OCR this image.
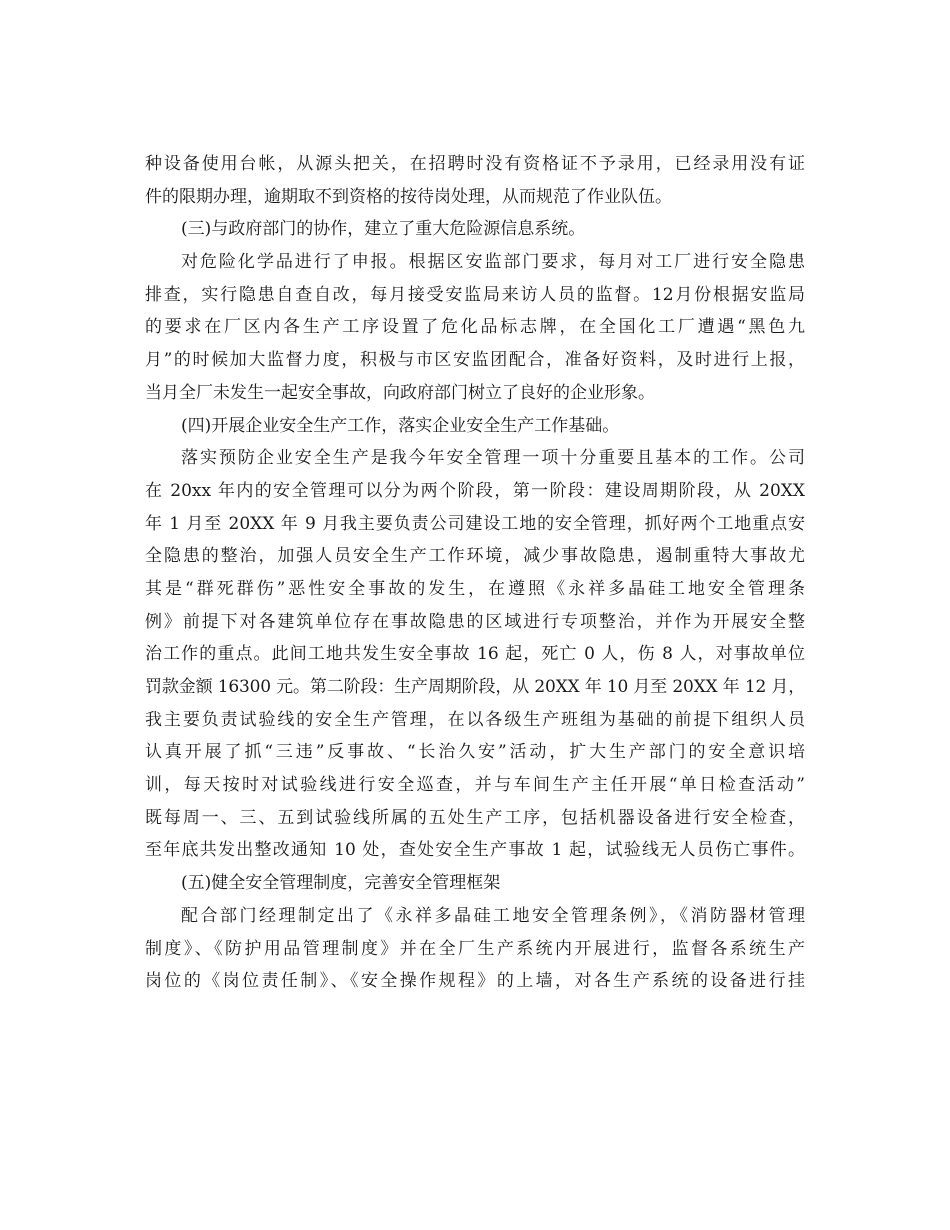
种设备使用台帐，从源头把关，在招聘时没有资格证不予录用，已经录用没有证
件的限期办理，逾期取不到资格的按待岗处理，从而规范了作业队伍。
(三)与政府部门的协作，建立了重大危险源信息系统。
对危险化学品进行了申报。根据区安监部门要求，每月对工厂进行安全隐患
排查，实行隐患自查自改，每月接受安监局来访人员的监督。12月份根据安监局
的要求在厂区内各生产工序设置了危化品标志牌，在全国化工厂遭遇“黑色九
月”的时候加大监督力度，积极与市区安监团配合，准备好资料，及时进行上报，
当月全厂未发生一起安全事故，向政府部门树立了良好的企业形象。
(四)开展企业安全生产工作，落实企业安全生产工作基础。
落实预防企业安全生产是我今年安全管理一项十分重要且基本的工作。公司
在 20xx 年内的安全管理可以分为两个阶段，第一阶段：建设周期阶段，从 20XX
年 1 月至 20XX 年 9 月我主要负责公司建设工地的安全管理，抓好两个工地重点安
全隐患的整治，加强人员安全生产工作环境，减少事故隐患，遏制重特大事故尤
其是“群死群伤”恶性安全事故的发生，在遵照《永祥多晶硅工地安全管理条
例》前提下对各建筑单位存在事故隐患的区域进行专项整治，并作为开展安全整
治工作的重点。此间工地共发生安全事故 16 起，死亡 0 人，伤 8 人，对事故单位
罚款金额 16300 元。第二阶段：生产周期阶段，从 20XX 年 10 月至 20XX 年 12 月，
我主要负责试验线的安全生产管理，在以各级生产班组为基础的前提下组织人员
认真开展了抓“三违”反事故、“长治久安”活动，扩大生产部门的安全意识培
训，每天按时对试验线进行安全巡查，并与车间生产主任开展“单日检查活动”
既每周一、三、五到试验线所属的五处生产工序，包括机器设备进行安全检查，
至年底共发出整改通知 10 处，查处安全生产事故 1 起，试验线无人员伤亡事件。
(五)健全安全管理制度，完善安全管理框架
配合部门经理制定出了《永祥多晶硅工地安全管理条例》，《消防器材管理
制度》、《防护用品管理制度》并在全厂生产系统内开展进行，监督各系统生产
岗位的《岗位责任制》、《安全操作规程》的上墙，对各生产系统的设备进行挂
